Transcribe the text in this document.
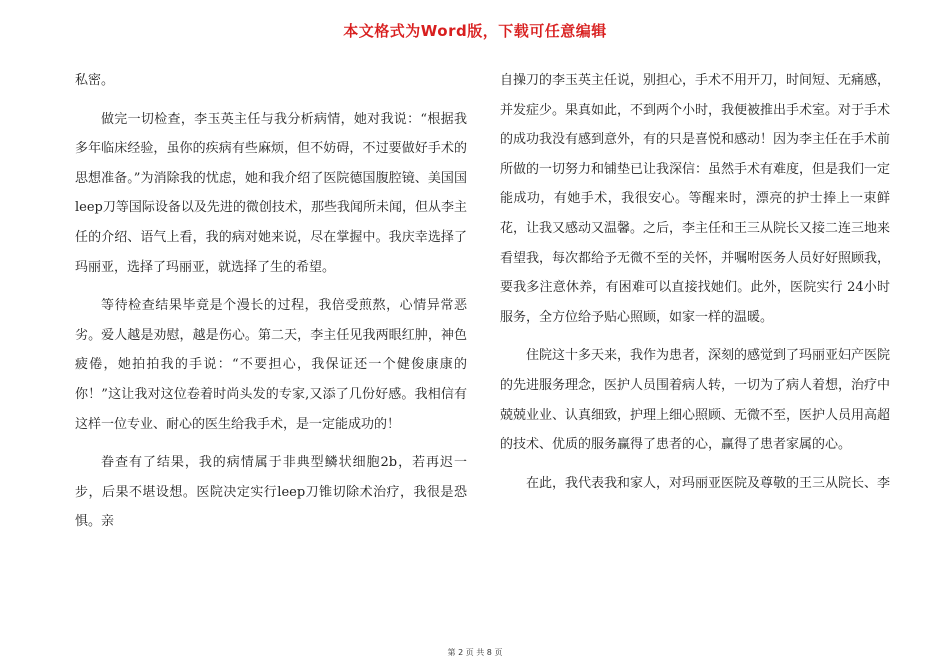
本文格式为Word版，下载可任意编辑

私密。

做完一切检查，李玉英主任与我分析病情，她对我说：“根据我多年临床经验，虽你的疾病有些麻烦，但不妨碍，不过要做好手术的思想准备。”为消除我的忧虑，她和我介绍了医院德国腹腔镜、美国国leep刀等国际设备以及先进的微创技术，那些我闻所未闻，但从李主任的介绍、语气上看，我的病对她来说，尽在掌握中。我庆幸选择了玛丽亚，选择了玛丽亚，就选择了生的希望。

等待检查结果毕竟是个漫长的过程，我倍受煎熬，心情异常恶劣。爱人越是劝慰，越是伤心。第二天，李主任见我两眼红肿，神色疲倦，她拍拍我的手说：“不要担心，我保证还一个健俊康康的你！”这让我对这位卷着时尚头发的专家,又添了几份好感。我相信有这样一位专业、耐心的医生给我手术，是一定能成功的！

眷查有了结果，我的病情属于非典型鳞状细胞2b，若再迟一步，后果不堪设想。医院决定实行leep刀锥切除术治疗，我很是恐惧。亲

自操刀的李玉英主任说，别担心，手术不用开刀，时间短、无痛感，并发症少。果真如此，不到两个小时，我便被推出手术室。对于手术的成功我没有感到意外，有的只是喜悦和感动！因为李主任在手术前所做的一切努力和铺垫已让我深信：虽然手术有难度，但是我们一定能成功，有她手术，我很安心。等醒来时，漂亮的护士捧上一束鲜花，让我又感动又温馨。之后，李主任和王三从院长又接二连三地来看望我，每次都给予无微不至的关怀，并嘱咐医务人员好好照顾我，要我多注意休养，有困难可以直接找她们。此外，医院实行 24小时服务，全方位给予贴心照顾，如家一样的温暖。

住院这十多天来，我作为患者，深刻的感觉到了玛丽亚妇产医院的先进服务理念，医护人员围着病人转，一切为了病人着想，治疗中兢兢业业、认真细致，护理上细心照顾、无微不至，医护人员用高超的技术、优质的服务赢得了患者的心，赢得了患者家属的心。

在此，我代表我和家人，对玛丽亚医院及尊敬的王三从院长、李

第 2 页 共 8 页
